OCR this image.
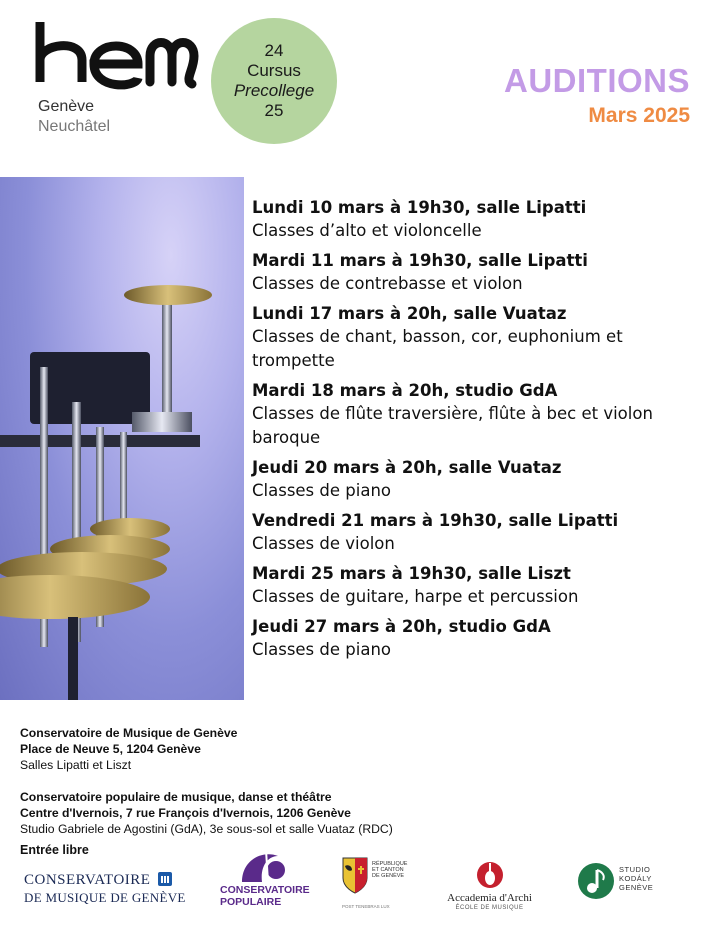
Genève
Neuchâtel
24
Cursus
Precollege
25
AUDITIONS
Mars 2025
Lundi 10 mars à 19h30, salle Lipatti
Classes d’alto et violoncelle
Mardi 11 mars à 19h30, salle Lipatti
Classes de contrebasse et violon
Lundi 17 mars à 20h, salle Vuataz
Classes de chant, basson, cor, euphonium et trompette
Mardi 18 mars à 20h, studio GdA
Classes de flûte traversière, flûte à bec et violon baroque
Jeudi 20 mars à 20h, salle Vuataz
Classes de piano
Vendredi 21 mars à 19h30, salle Lipatti
Classes de violon
Mardi 25 mars à 19h30, salle Liszt
Classes de guitare, harpe et percussion
Jeudi 27 mars à 20h, studio GdA
Classes de piano
Conservatoire de Musique de Genève
Place de Neuve 5, 1204 Genève
Salles Lipatti et Liszt
Conservatoire populaire de musique, danse et théâtre
Centre d'Ivernois, 7 rue François d'Ivernois, 1206 Genève
Studio Gabriele de Agostini (GdA), 3e sous-sol et salle Vuataz (RDC)
Entrée libre
CONSERVATOIRE
DE MUSIQUE DE GENÈVE	CONSERVATOIRE POPULAIRE
RÉPUBLIQUE ET CANTON DE GENÈVE
POST TENEBRAS LUX
Accademia d'Archi
ÉCOLE DE MUSIQUE
STUDIO KODÁLY GENÈVE
